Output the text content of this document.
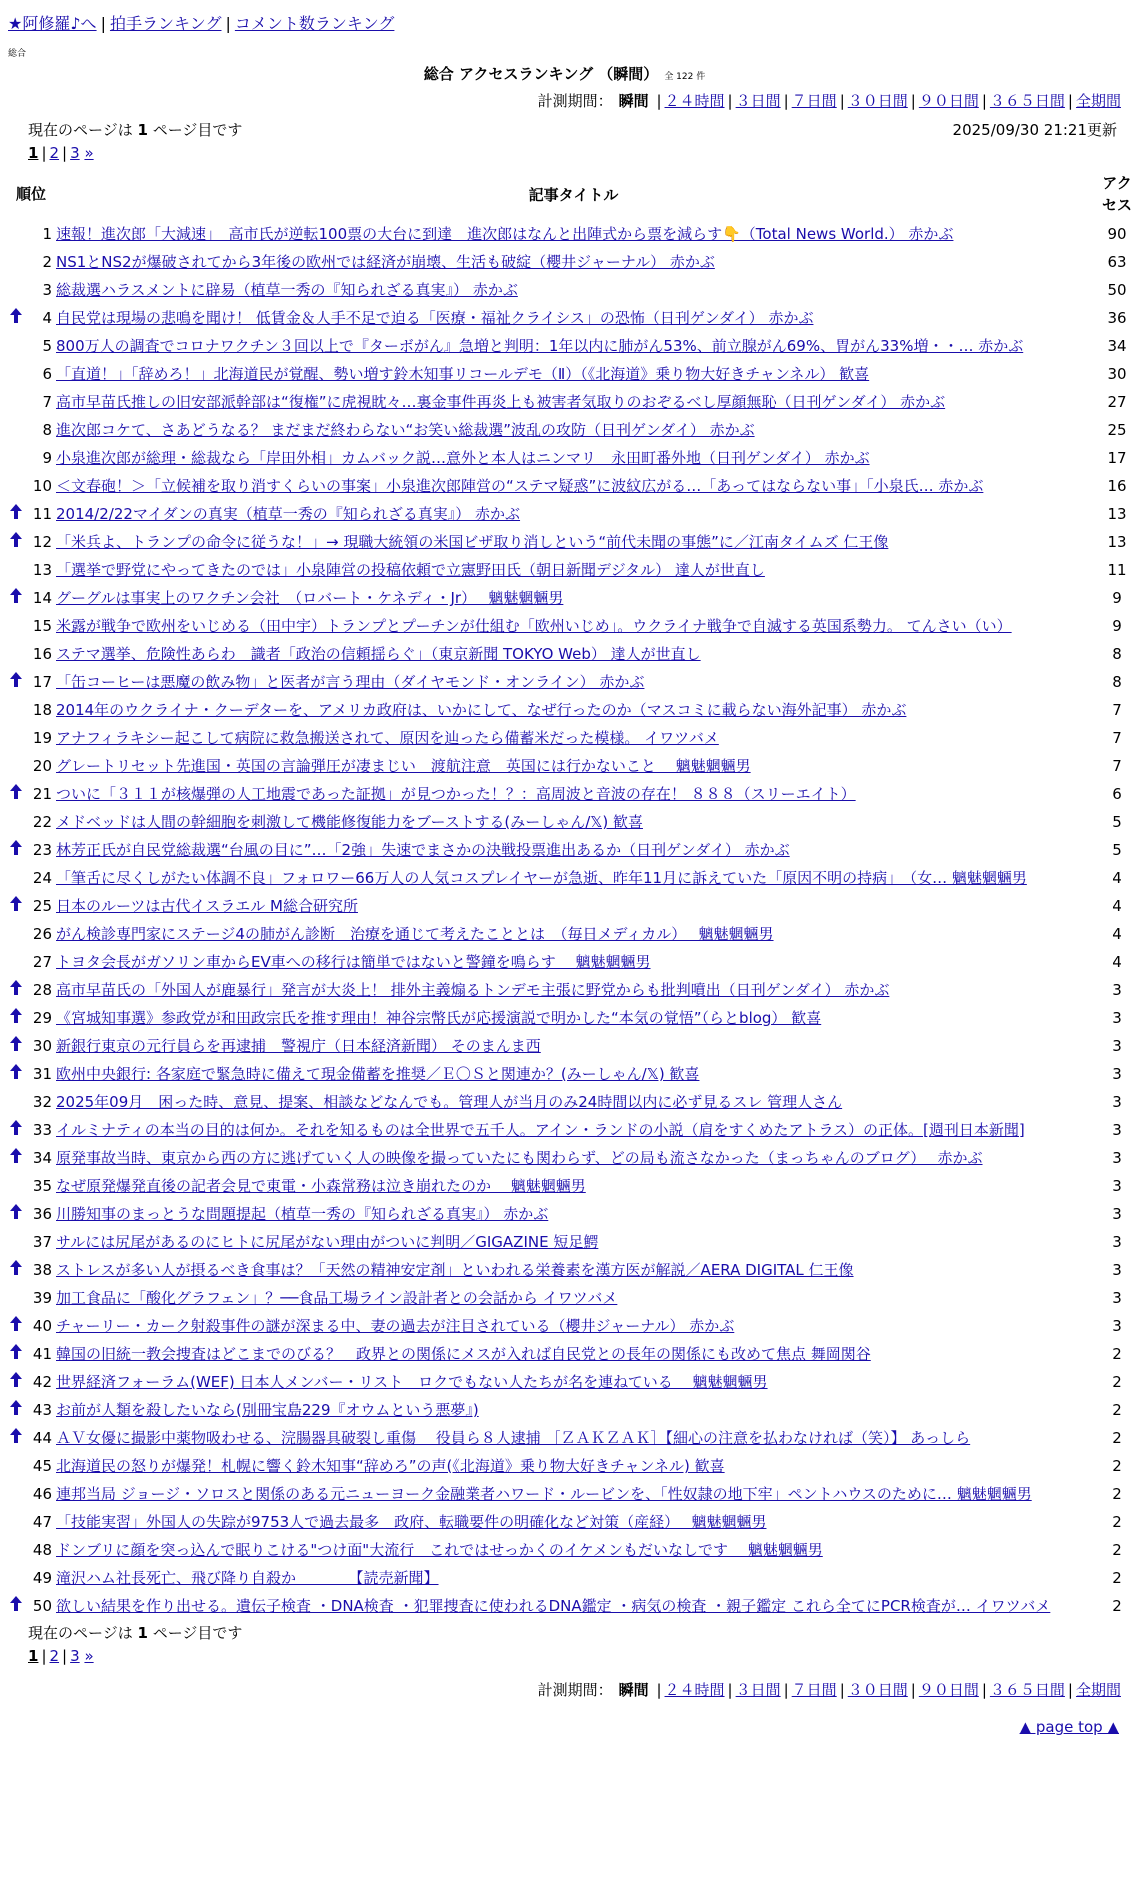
★阿修羅♪へ | 拍手ランキング | コメント数ランキング
総合
総合 アクセスランキング （瞬間） 全 122 件
計測期間： 瞬間 | ２４時間 | ３日間 | ７日間 | ３０日間 | ９０日間 | ３６５日間 | 全期間
現在のページは 1 ページ目です	2025/09/30 21:21更新
1 | 2 | 3 »
順位		記事タイトル	アクセス
	1	速報！進次郎「大減速」　高市氏が逆転100票の大台に到達　進次郎はなんと出陣式から票を減らす👇（Total News World.） 赤かぶ	90
	2	NS1とNS2が爆破されてから3年後の欧州では経済が崩壊、生活も破綻（櫻井ジャーナル） 赤かぶ	63
	3	総裁選ハラスメントに辟易（植草一秀の『知られざる真実』） 赤かぶ	50
	4	自民党は現場の悲鳴を聞け！ 低賃金＆人手不足で迫る「医療・福祉クライシス」の恐怖（日刊ゲンダイ） 赤かぶ	36
	5	800万人の調査でコロナワクチン３回以上で『ターボがん』急増と判明：1年以内に肺がん53%、前立腺がん69%、胃がん33%増・・… 赤かぶ	34
	6	「直道！」「辞めろ！」北海道民が覚醒、勢い増す鈴木知事リコールデモ（Ⅱ）（《北海道》乗り物大好きチャンネル） 歓喜	30
	7	高市早苗氏推しの旧安部派幹部は“復権”に虎視眈々…裏金事件再炎上も被害者気取りのおぞるべし厚顔無恥（日刊ゲンダイ） 赤かぶ	27
	8	進次郎コケて、さあどうなる？ まだまだ終わらない“お笑い総裁選”波乱の攻防（日刊ゲンダイ） 赤かぶ	25
	9	小泉進次郎が総理・総裁なら「岸田外相」カムバック説…意外と本人はニンマリ　永田町番外地（日刊ゲンダイ） 赤かぶ	17
	10	＜文春砲！＞「立候補を取り消すくらいの事案」小泉進次郎陣営の“ステマ疑惑”に波紋広がる…「あってはならない事」「小泉氏… 赤かぶ	16
	11	2014/2/22マイダンの真実（植草一秀の『知られざる真実』） 赤かぶ	13
	12	「米兵よ、トランプの命令に従うな！」→ 現職大統領の米国ビザ取り消しという“前代未聞の事態”に／江南タイムズ 仁王像	13
	13	「選挙で野党にやってきたのでは」小泉陣営の投稿依頼で立憲野田氏（朝日新聞デジタル） 達人が世直し	11
	14	グーグルは事実上のワクチン会社　（ロバート・ケネディ・Jr）　 魑魅魍魎男	9
	15	米露が戦争で欧州をいじめる（田中宇）トランプとプーチンが仕組む「欧州いじめ」。ウクライナ戦争で自滅する英国系勢力。 てんさい（い）	9
	16	ステマ選挙、危険性あらわ　識者「政治の信頼揺らぐ」（東京新聞 TOKYO Web） 達人が世直し	8
	17	「缶コーヒーは悪魔の飲み物」と医者が言う理由（ダイヤモンド・オンライン） 赤かぶ	8
	18	2014年のウクライナ・クーデターを、アメリカ政府は、いかにして、なぜ行ったのか（マスコミに載らない海外記事） 赤かぶ	7
	19	アナフィラキシー起こして病院に救急搬送されて、原因を辿ったら備蓄米だった模様。 イワツバメ	7
	20	グレートリセット先進国・英国の言論弾圧が凄まじい　渡航注意　英国には行かないこと　 魑魅魍魎男	7
	21	ついに「３１１が核爆弾の人工地震であった証拠」が見つかった！？：高周波と音波の存在！ ８８８（スリーエイト）	6
	22	メドベッドは人間の幹細胞を刺激して機能修復能力をブーストする(みーしゃん/𝕏) 歓喜	5
	23	林芳正氏が自民党総裁選“台風の目に”…「2強」失速でまさかの決戦投票進出あるか（日刊ゲンダイ） 赤かぶ	5
	24	「筆舌に尽くしがたい体調不良」フォロワー66万人の人気コスプレイヤーが急逝、昨年11月に訴えていた「原因不明の持病」　（女… 魑魅魍魎男	4
	25	日本のルーツは古代イスラエル M総合研究所	4
	26	がん検診専門家にステージ4の肺がん診断　治療を通じて考えたこととは　（毎日メディカル）　 魑魅魍魎男	4
	27	トヨタ会長がガソリン車からEV車への移行は簡単ではないと警鐘を鳴らす　 魑魅魍魎男	4
	28	高市早苗氏の「外国人が鹿暴行」発言が大炎上！ 排外主義煽るトンデモ主張に野党からも批判噴出（日刊ゲンダイ） 赤かぶ	3
	29	《宮城知事選》参政党が和田政宗氏を推す理由！神谷宗幣氏が応援演説で明かした“本気の覚悟”（らとblog） 歓喜	3
	30	新銀行東京の元行員らを再逮捕　警視庁（日本経済新聞） そのまんま西	3
	31	欧州中央銀行: 各家庭で緊急時に備えて現金備蓄を推奨／Ｅ〇Ｓと関連か？(みーしゃん/𝕏) 歓喜	3
	32	2025年09月　困った時、意見、提案、相談などなんでも。管理人が当月のみ24時間以内に必ず見るスレ 管理人さん	3
	33	イルミナティの本当の目的は何か。それを知るものは全世界で五千人。アイン・ランドの小説（肩をすくめたアトラス）の正体。[週刊日本新聞]	3
	34	原発事故当時、東京から西の方に逃げていく人の映像を撮っていたにも関わらず、どの局も流さなかった（まっちゃんのブログ）　 赤かぶ	3
	35	なぜ原発爆発直後の記者会見で東電・小森常務は泣き崩れたのか　 魑魅魍魎男	3
	36	川勝知事のまっとうな問題提起（植草一秀の『知られざる真実』） 赤かぶ	3
	37	サルには尻尾があるのにヒトに尻尾がない理由がついに判明／GIGAZINE 短足鰐	3
	38	ストレスが多い人が摂るべき食事は？「天然の精神安定剤」といわれる栄養素を漢方医が解説／AERA DIGITAL 仁王像	3
	39	加工食品に「酸化グラフェン」？──食品工場ライン設計者との会話から イワツバメ	3
	40	チャーリー・カーク射殺事件の謎が深まる中、妻の過去が注目されている（櫻井ジャーナル） 赤かぶ	3
	41	韓国の旧統一教会捜査はどこまでのびる？　政界との関係にメスが入れば自民党との長年の関係にも改めて焦点 舞岡関谷	2
	42	世界経済フォーラム(WEF) 日本人メンバー・リスト　ロクでもない人たちが名を連ねている　 魑魅魍魎男	2
	43	お前が人類を殺したいなら(別冊宝島229『オウムという悪夢』)	2
	44	ＡＶ女優に撮影中薬物吸わせる、浣腸器具破裂し重傷　 役員ら８人逮捕 ［ＺＡＫＺＡＫ］【細心の注意を払わなければ（笑）】 あっしら	2
	45	北海道民の怒りが爆発！札幌に響く鈴木知事“辞めろ”の声(《北海道》乗り物大好きチャンネル) 歓喜	2
	46	連邦当局 ジョージ・ソロスと関係のある元ニューヨーク金融業者ハワード・ルービンを、「性奴隷の地下牢」ペントハウスのために… 魑魅魍魎男	2
	47	「技能実習」外国人の失踪が9753人で過去最多　政府、転職要件の明確化など対策（産経）　 魑魅魍魎男	2
	48	ドンブリに顔を突っ込んで眠りこける"つけ面"大流行　これではせっかくのイケメンもだいなしです　 魑魅魍魎男	2
	49	滝沢ハム社長死亡、飛び降り自殺か　　　　【読売新聞】	2
	50	欲しい結果を作り出せる。遺伝子検査 ・DNA検査 ・犯罪捜査に使われるDNA鑑定 ・病気の検査 ・親子鑑定 これら全てにPCR検査が… イワツバメ	2
現在のページは 1 ページ目です
1 | 2 | 3 »
計測期間： 瞬間 | ２４時間 | ３日間 | ７日間 | ３０日間 | ９０日間 | ３６５日間 | 全期間
▲ page top ▲
